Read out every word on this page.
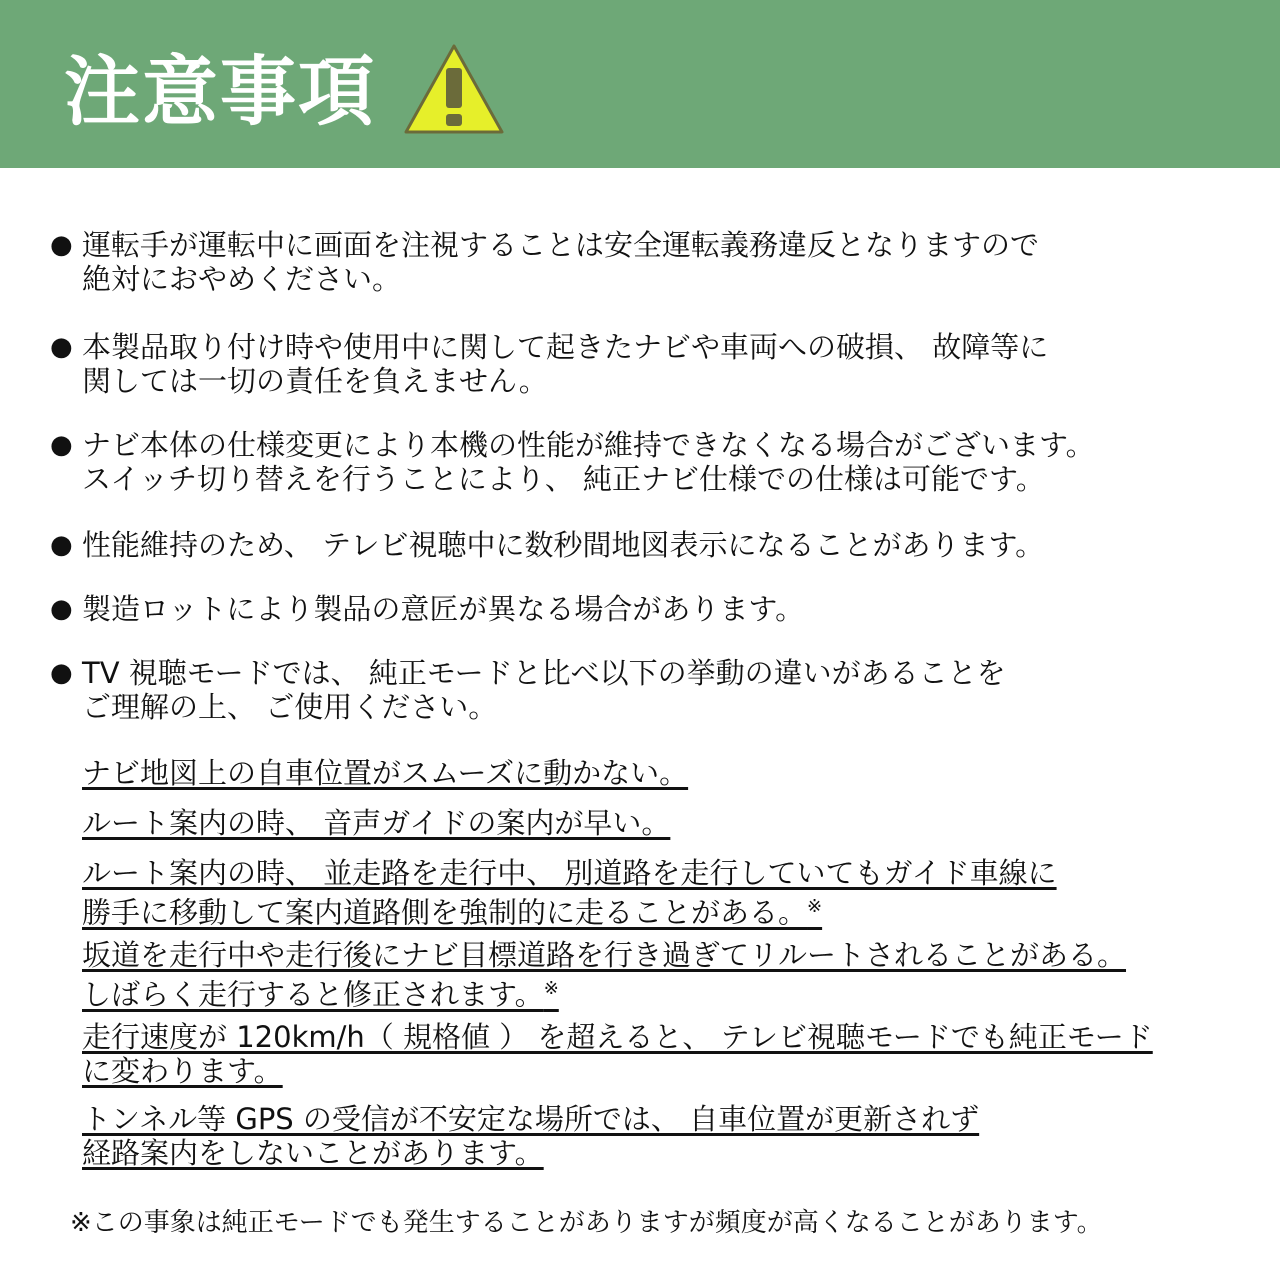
注意事項
● 運転手が運転中に画面を注視することは安全運転義務違反となりますので
絶対におやめください。
● 本製品取り付け時や使用中に関して起きたナビや車両への破損、 故障等に
関しては一切の責任を負えません。
● ナビ本体の仕様変更により本機の性能が維持できなくなる場合がございます。
スイッチ切り替えを行うことにより、 純正ナビ仕様での仕様は可能です。
● 性能維持のため、 テレビ視聴中に数秒間地図表示になることがあります。
● 製造ロットにより製品の意匠が異なる場合があります。
● TV 視聴モードでは、 純正モードと比べ以下の挙動の違いがあることを
ご理解の上、 ご使用ください。
ナビ地図上の自車位置がスムーズに動かない。
ルート案内の時、 音声ガイドの案内が早い。
ルート案内の時、 並走路を走行中、 別道路を走行していてもガイド車線に
勝手に移動して案内道路側を強制的に走ることがある。※
坂道を走行中や走行後にナビ目標道路を行き過ぎてリルートされることがある。
しばらく走行すると修正されます。※
走行速度が 120km/h（ 規格値 ） を超えると、 テレビ視聴モードでも純正モード
に変わります。
トンネル等 GPS の受信が不安定な場所では、 自車位置が更新されず
経路案内をしないことがあります。
※この事象は純正モードでも発生することがありますが頻度が高くなることがあります。
